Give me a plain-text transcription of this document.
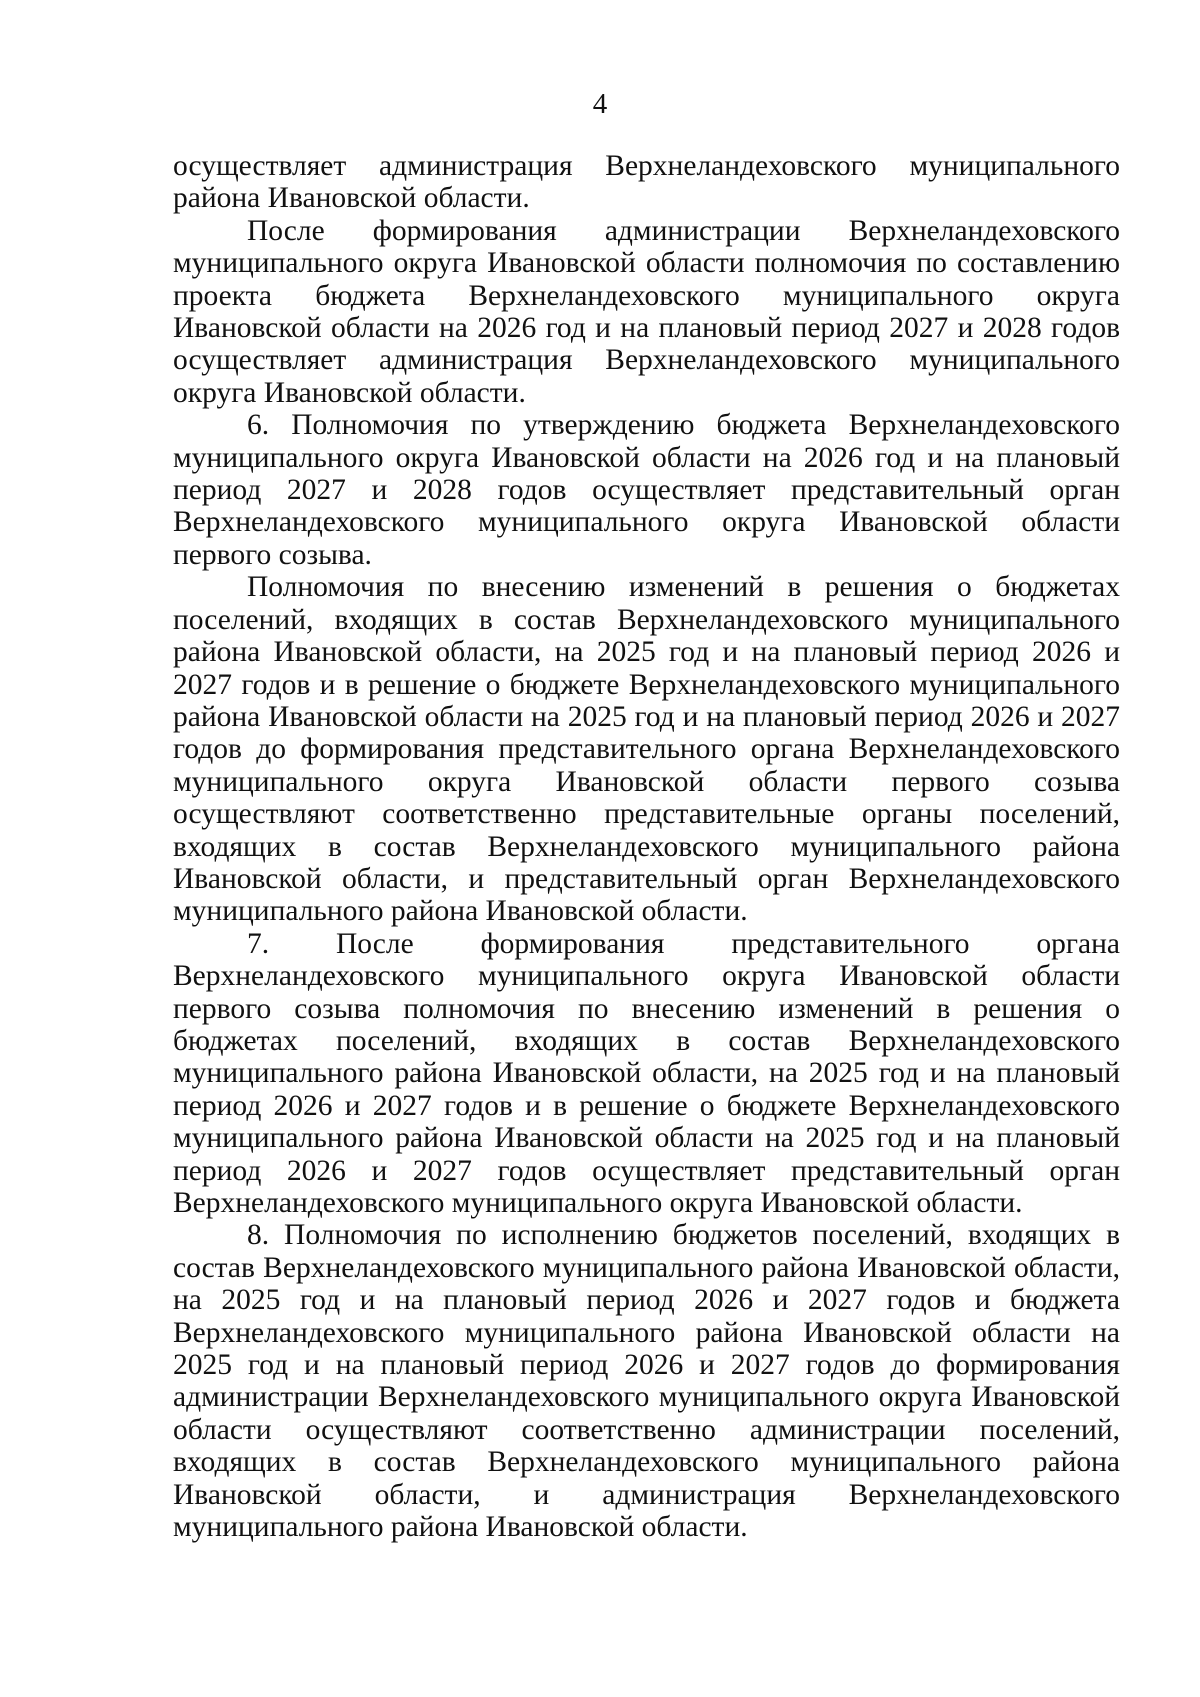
4

осуществляет администрация Верхнеландеховского муниципального района Ивановской области.

После формирования администрации Верхнеландеховского муниципального округа Ивановской области полномочия по составлению проекта бюджета Верхнеландеховского муниципального округа Ивановской области на 2026 год и на плановый период 2027 и 2028 годов осуществляет администрация Верхнеландеховского муниципального округа Ивановской области.

6. Полномочия по утверждению бюджета Верхнеландеховского муниципального округа Ивановской области на 2026 год и на плановый период 2027 и 2028 годов осуществляет представительный орган Верхнеландеховского муниципального округа Ивановской области первого созыва.

Полномочия по внесению изменений в решения о бюджетах поселений, входящих в состав Верхнеландеховского муниципального района Ивановской области, на 2025 год и на плановый период 2026 и 2027 годов и в решение о бюджете Верхнеландеховского муниципального района Ивановской области на 2025 год и на плановый период 2026 и 2027 годов до формирования представительного органа Верхнеландеховского муниципального округа Ивановской области первого созыва осуществляют соответственно представительные органы поселений, входящих в состав Верхнеландеховского муниципального района Ивановской области, и представительный орган Верхнеландеховского муниципального района Ивановской области.

7. После формирования представительного органа Верхнеландеховского муниципального округа Ивановской области первого созыва полномочия по внесению изменений в решения о бюджетах поселений, входящих в состав Верхнеландеховского муниципального района Ивановской области, на 2025 год и на плановый период 2026 и 2027 годов и в решение о бюджете Верхнеландеховского муниципального района Ивановской области на 2025 год и на плановый период 2026 и 2027 годов осуществляет представительный орган Верхнеландеховского муниципального округа Ивановской области.

8. Полномочия по исполнению бюджетов поселений, входящих в состав Верхнеландеховского муниципального района Ивановской области, на 2025 год и на плановый период 2026 и 2027 годов и бюджета Верхнеландеховского муниципального района Ивановской области на 2025 год и на плановый период 2026 и 2027 годов до формирования администрации Верхнеландеховского муниципального округа Ивановской области осуществляют соответственно администрации поселений, входящих в состав Верхнеландеховского муниципального района Ивановской области, и администрация Верхнеландеховского муниципального района Ивановской области.
